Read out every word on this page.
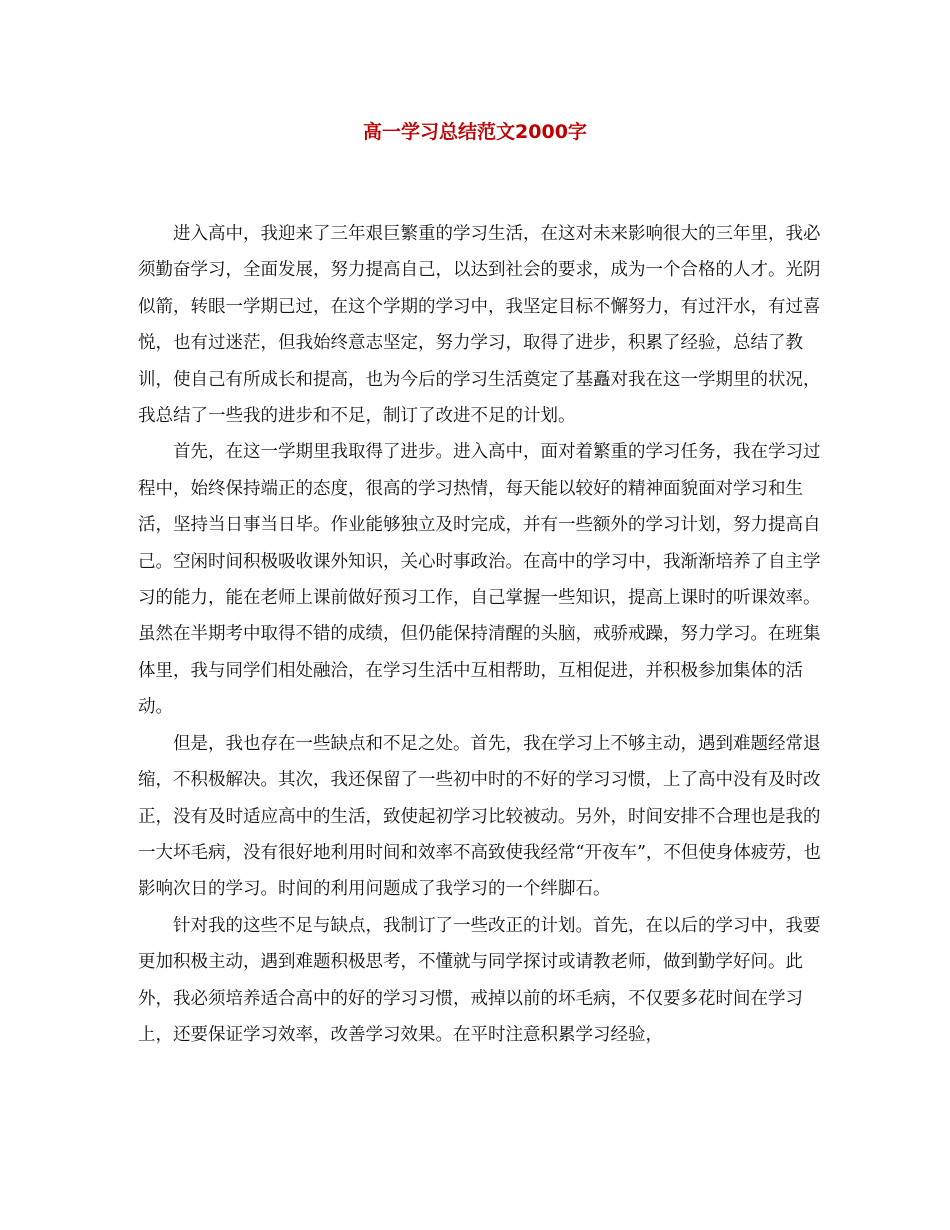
高一学习总结范文2000字

进入高中，我迎来了三年艰巨繁重的学习生活，在这对未来影响很大的三年里，我必须勤奋学习，全面发展，努力提高自己，以达到社会的要求，成为一个合格的人才。光阴似箭，转眼一学期已过，在这个学期的学习中，我坚定目标不懈努力，有过汗水，有过喜悦，也有过迷茫，但我始终意志坚定，努力学习，取得了进步，积累了经验，总结了教训，使自己有所成长和提高，也为今后的学习生活奠定了基矗对我在这一学期里的状况，我总结了一些我的进步和不足，制订了改进不足的计划。

首先，在这一学期里我取得了进步。进入高中，面对着繁重的学习任务，我在学习过程中，始终保持端正的态度，很高的学习热情，每天能以较好的精神面貌面对学习和生活，坚持当日事当日毕。作业能够独立及时完成，并有一些额外的学习计划，努力提高自己。空闲时间积极吸收课外知识，关心时事政治。在高中的学习中，我渐渐培养了自主学习的能力，能在老师上课前做好预习工作，自己掌握一些知识，提高上课时的听课效率。虽然在半期考中取得不错的成绩，但仍能保持清醒的头脑，戒骄戒躁，努力学习。在班集体里，我与同学们相处融洽，在学习生活中互相帮助，互相促进，并积极参加集体的活动。

但是，我也存在一些缺点和不足之处。首先，我在学习上不够主动，遇到难题经常退缩，不积极解决。其次，我还保留了一些初中时的不好的学习习惯，上了高中没有及时改正，没有及时适应高中的生活，致使起初学习比较被动。另外，时间安排不合理也是我的一大坏毛病，没有很好地利用时间和效率不高致使我经常“开夜车”，不但使身体疲劳，也影响次日的学习。时间的利用问题成了我学习的一个绊脚石。

针对我的这些不足与缺点，我制订了一些改正的计划。首先，在以后的学习中，我要更加积极主动，遇到难题积极思考，不懂就与同学探讨或请教老师，做到勤学好问。此外，我必须培养适合高中的好的学习习惯，戒掉以前的坏毛病，不仅要多花时间在学习上，还要保证学习效率，改善学习效果。在平时注意积累学习经验，
